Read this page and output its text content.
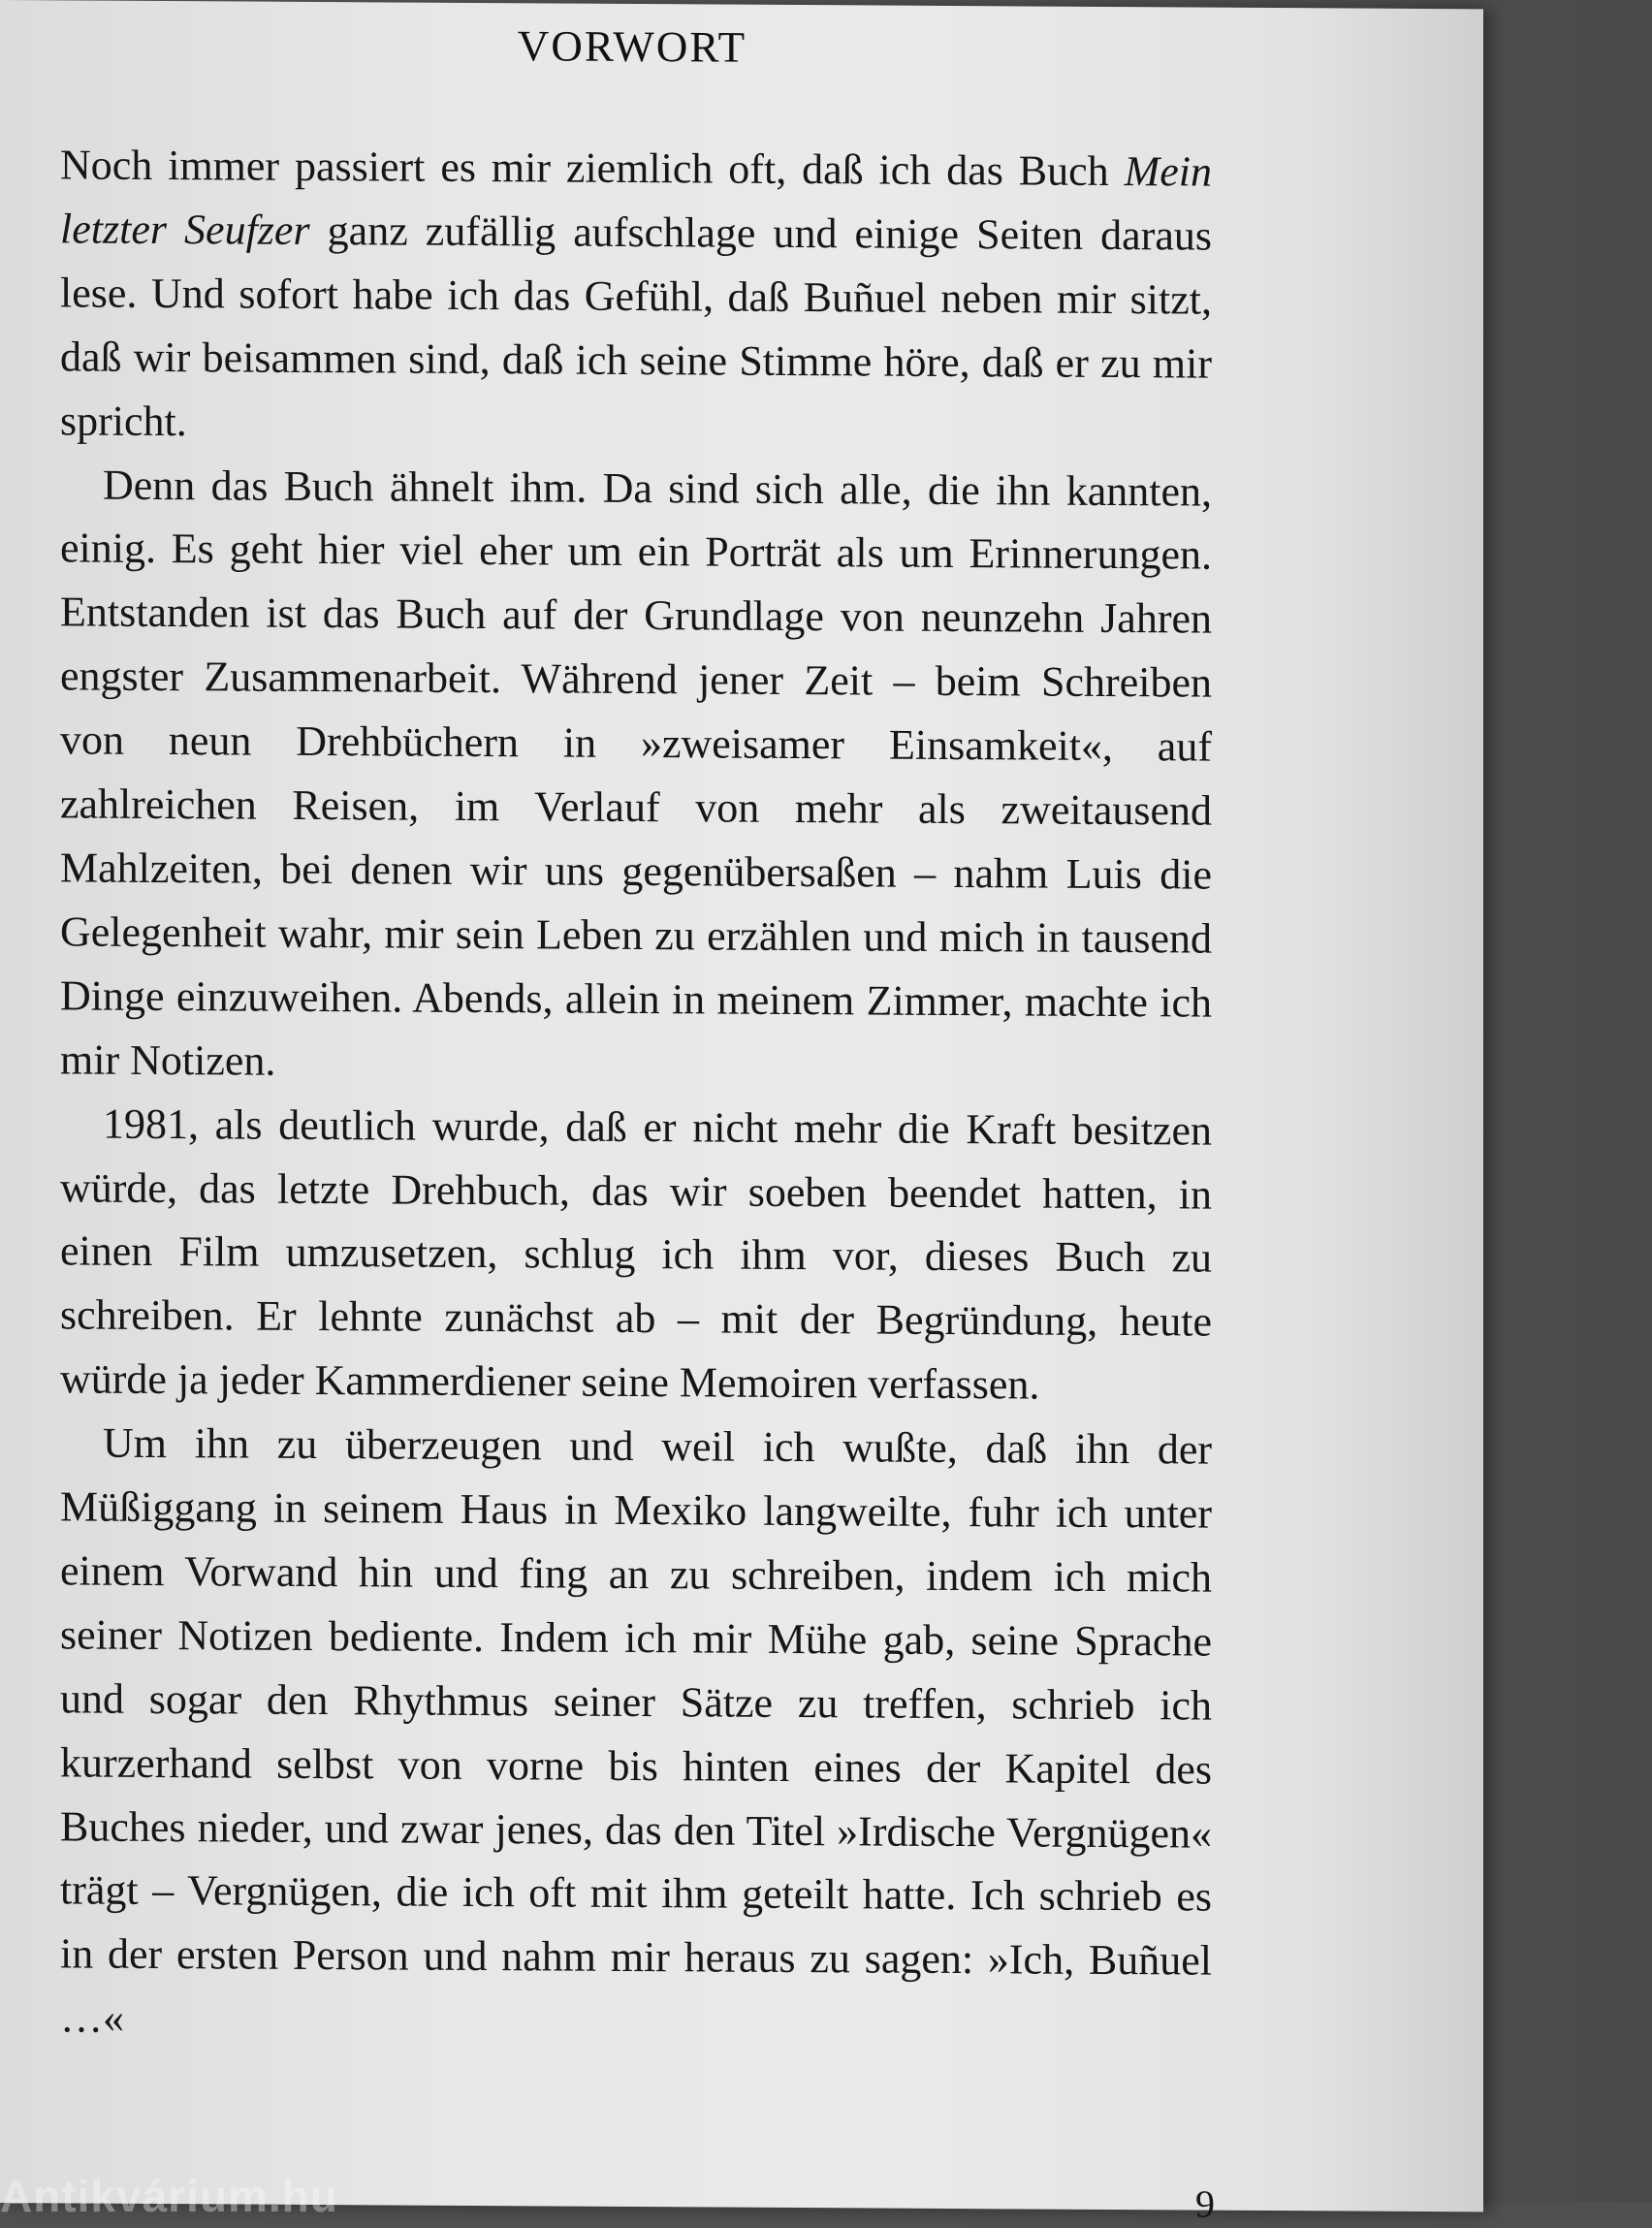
VORWORT

Noch immer passiert es mir ziemlich oft, daß ich das Buch Mein letzter Seufzer ganz zufällig aufschlage und einige Seiten daraus lese. Und sofort habe ich das Gefühl, daß Buñuel neben mir sitzt, daß wir beisammen sind, daß ich seine Stimme höre, daß er zu mir spricht.

Denn das Buch ähnelt ihm. Da sind sich alle, die ihn kannten, einig. Es geht hier viel eher um ein Porträt als um Erinnerungen. Entstanden ist das Buch auf der Grundlage von neunzehn Jahren engster Zusammenarbeit. Während jener Zeit – beim Schreiben von neun Drehbüchern in »zweisamer Einsamkeit«, auf zahlreichen Reisen, im Verlauf von mehr als zweitausend Mahlzeiten, bei denen wir uns gegenübersaßen – nahm Luis die Gelegenheit wahr, mir sein Leben zu erzählen und mich in tausend Dinge einzuweihen. Abends, allein in meinem Zimmer, machte ich mir Notizen.

1981, als deutlich wurde, daß er nicht mehr die Kraft besitzen würde, das letzte Drehbuch, das wir soeben beendet hatten, in einen Film umzusetzen, schlug ich ihm vor, dieses Buch zu schreiben. Er lehnte zunächst ab – mit der Begründung, heute würde ja jeder Kammerdiener seine Memoiren verfassen.

Um ihn zu überzeugen und weil ich wußte, daß ihn der Müßiggang in seinem Haus in Mexiko langweilte, fuhr ich unter einem Vorwand hin und fing an zu schreiben, indem ich mich seiner Notizen bediente. Indem ich mir Mühe gab, seine Sprache und sogar den Rhythmus seiner Sätze zu treffen, schrieb ich kurzerhand selbst von vorne bis hinten eines der Kapitel des Buches nieder, und zwar jenes, das den Titel »Irdische Vergnügen« trägt – Vergnügen, die ich oft mit ihm geteilt hatte. Ich schrieb es in der ersten Person und nahm mir heraus zu sagen: »Ich, Buñuel …«

9
Antikvárium.hu
